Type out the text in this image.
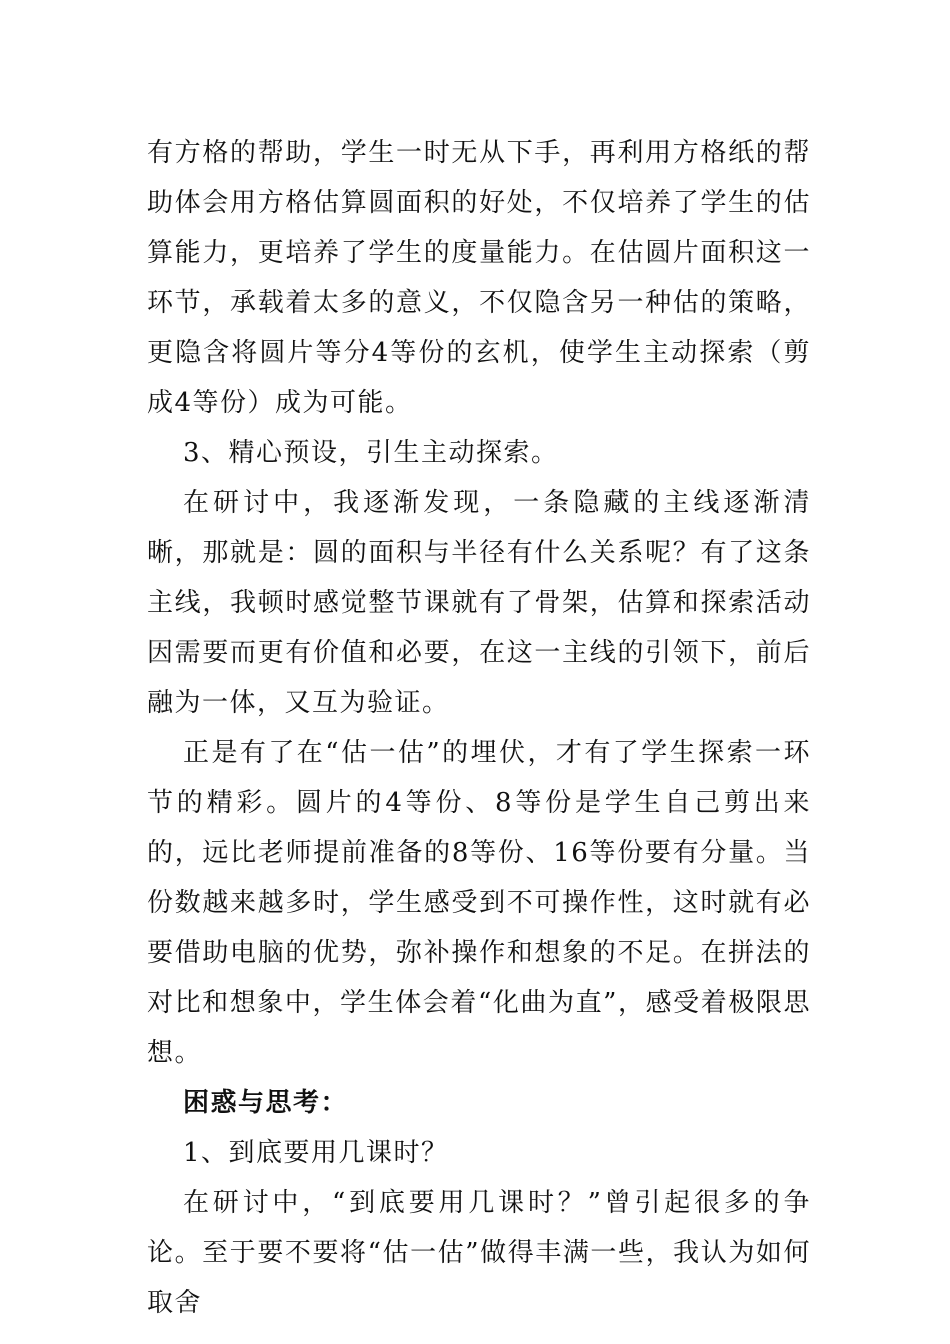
有方格的帮助，学生一时无从下手，再利用方格纸的帮助体会用方格估算圆面积的好处，不仅培养了学生的估算能力，更培养了学生的度量能力。在估圆片面积这一环节，承载着太多的意义，不仅隐含另一种估的策略，更隐含将圆片等分4等份的玄机，使学生主动探索（剪成4等份）成为可能。

3、精心预设，引生主动探索。

在研讨中，我逐渐发现，一条隐藏的主线逐渐清晰，那就是：圆的面积与半径有什么关系呢？有了这条主线，我顿时感觉整节课就有了骨架，估算和探索活动因需要而更有价值和必要，在这一主线的引领下，前后融为一体，又互为验证。

正是有了在“估一估”的埋伏，才有了学生探索一环节的精彩。圆片的4等份、8等份是学生自己剪出来的，远比老师提前准备的8等份、16等份要有分量。当份数越来越多时，学生感受到不可操作性，这时就有必要借助电脑的优势，弥补操作和想象的不足。在拼法的对比和想象中，学生体会着“化曲为直”，感受着极限思想。

困惑与思考：

1、到底要用几课时？

在研讨中，“到底要用几课时？”曾引起很多的争论。至于要不要将“估一估”做得丰满一些，我认为如何取舍
